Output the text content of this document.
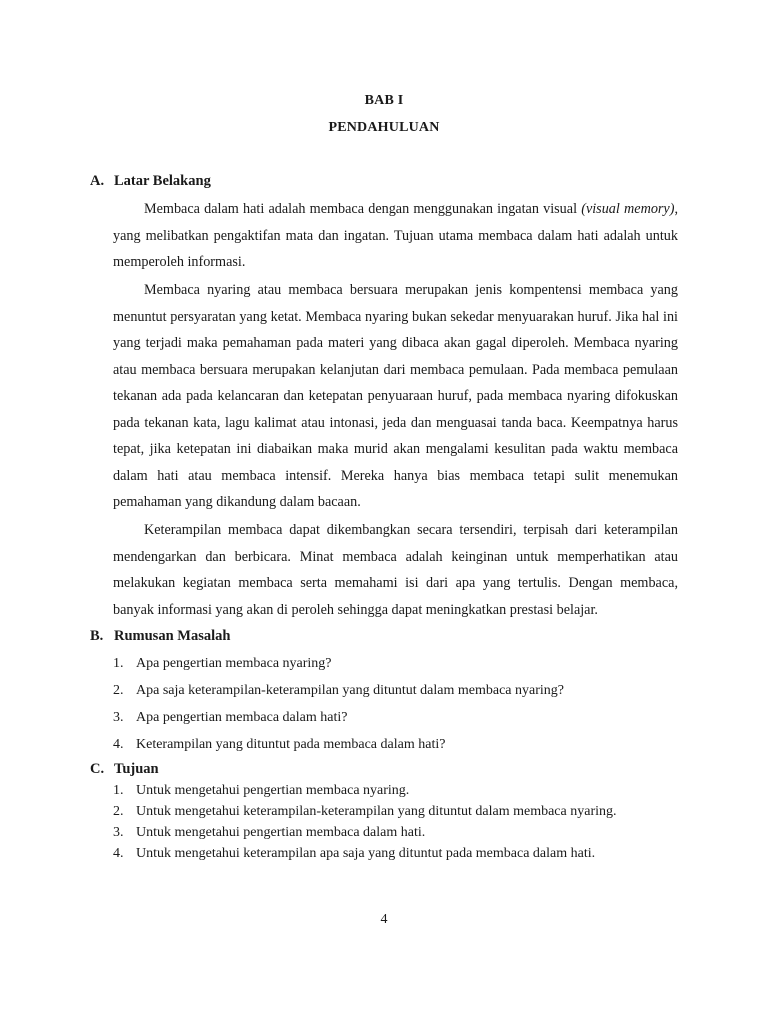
BAB I
PENDAHULUAN
A. Latar Belakang

Membaca dalam hati adalah membaca dengan menggunakan ingatan visual (visual memory), yang melibatkan pengaktifan mata dan ingatan. Tujuan utama membaca dalam hati adalah untuk memperoleh informasi.

Membaca nyaring atau membaca bersuara merupakan jenis kompentensi membaca yang menuntut persyaratan yang ketat. Membaca nyaring bukan sekedar menyuarakan huruf. Jika hal ini yang terjadi maka pemahaman pada materi yang dibaca akan gagal diperoleh. Membaca nyaring atau membaca bersuara merupakan kelanjutan dari membaca pemulaan. Pada membaca pemulaan tekanan ada pada kelancaran dan ketepatan penyuaraan huruf, pada membaca nyaring difokuskan pada tekanan kata, lagu kalimat atau intonasi, jeda dan menguasai tanda baca. Keempatnya harus tepat, jika ketepatan ini diabaikan maka murid akan mengalami kesulitan pada waktu membaca dalam hati atau membaca intensif. Mereka hanya bias membaca tetapi sulit menemukan pemahaman yang dikandung dalam bacaan.

Keterampilan membaca dapat dikembangkan secara tersendiri, terpisah dari keterampilan mendengarkan dan berbicara. Minat membaca adalah keinginan untuk memperhatikan atau melakukan kegiatan membaca serta memahami isi dari apa yang tertulis. Dengan membaca, banyak informasi yang akan di peroleh sehingga dapat meningkatkan prestasi belajar.

B. Rumusan Masalah
1. Apa pengertian membaca nyaring?
2. Apa saja keterampilan-keterampilan yang dituntut dalam membaca nyaring?
3. Apa pengertian membaca dalam hati?
4. Keterampilan yang dituntut pada membaca dalam hati?
C. Tujuan
1. Untuk mengetahui pengertian membaca nyaring.
2. Untuk mengetahui keterampilan-keterampilan yang dituntut dalam membaca nyaring.
3. Untuk mengetahui pengertian membaca dalam hati.
4. Untuk mengetahui keterampilan apa saja yang dituntut pada membaca dalam hati.
4
